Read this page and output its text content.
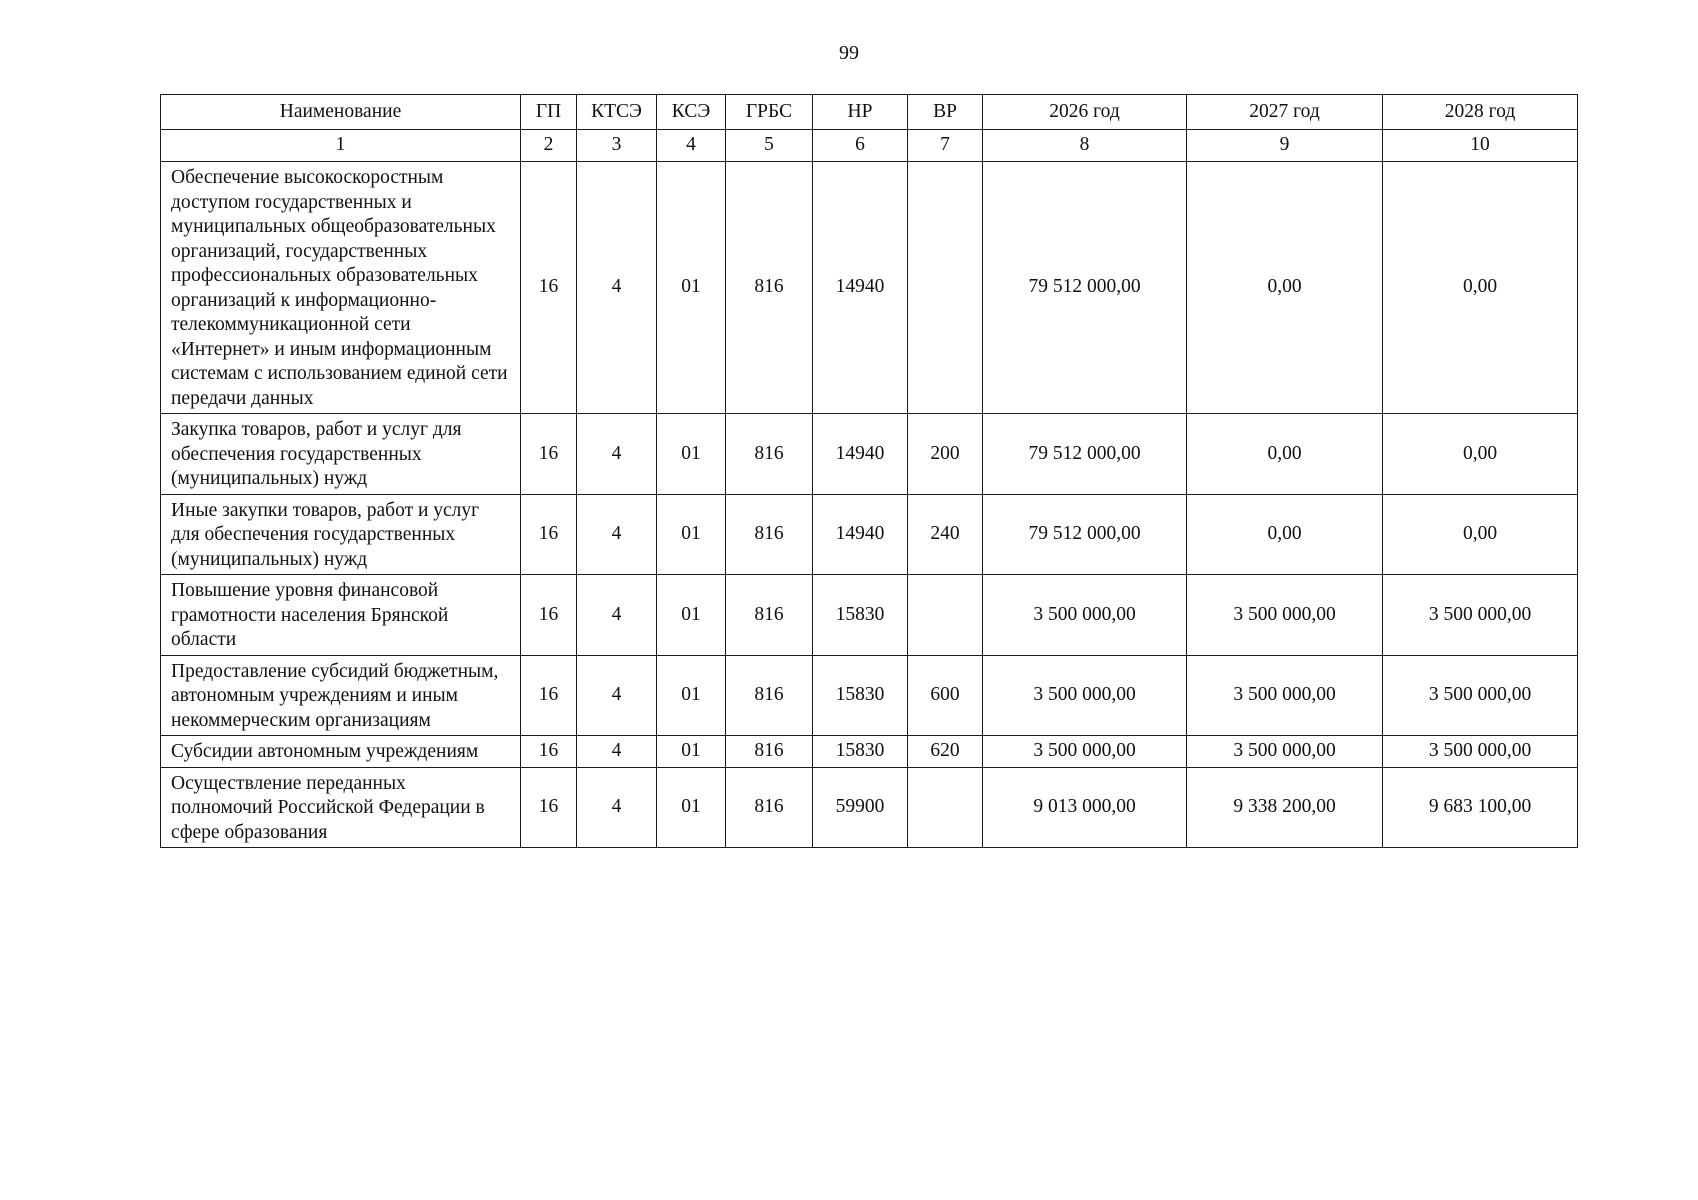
99
Наименование	ГП	КТСЭ	КСЭ	ГРБС	НР	ВР	2026 год	2027 год	2028 год
1	2	3	4	5	6	7	8	9	10
Обеспечение высокоскоростным доступом государственных и муниципальных общеобразовательных организаций, государственных профессиональных образовательных организаций к информационно-телекоммуникационной сети «Интернет» и иным информационным системам с использованием единой сети передачи данных	16	4	01	816	14940		79 512 000,00	0,00	0,00
Закупка товаров, работ и услуг для обеспечения государственных (муниципальных) нужд	16	4	01	816	14940	200	79 512 000,00	0,00	0,00
Иные закупки товаров, работ и услуг для обеспечения государственных (муниципальных) нужд	16	4	01	816	14940	240	79 512 000,00	0,00	0,00
Повышение уровня финансовой грамотности населения Брянской области	16	4	01	816	15830		3 500 000,00	3 500 000,00	3 500 000,00
Предоставление субсидий бюджетным, автономным учреждениям и иным некоммерческим организациям	16	4	01	816	15830	600	3 500 000,00	3 500 000,00	3 500 000,00
Субсидии автономным учреждениям	16	4	01	816	15830	620	3 500 000,00	3 500 000,00	3 500 000,00
Осуществление переданных полномочий Российской Федерации в сфере образования	16	4	01	816	59900		9 013 000,00	9 338 200,00	9 683 100,00
